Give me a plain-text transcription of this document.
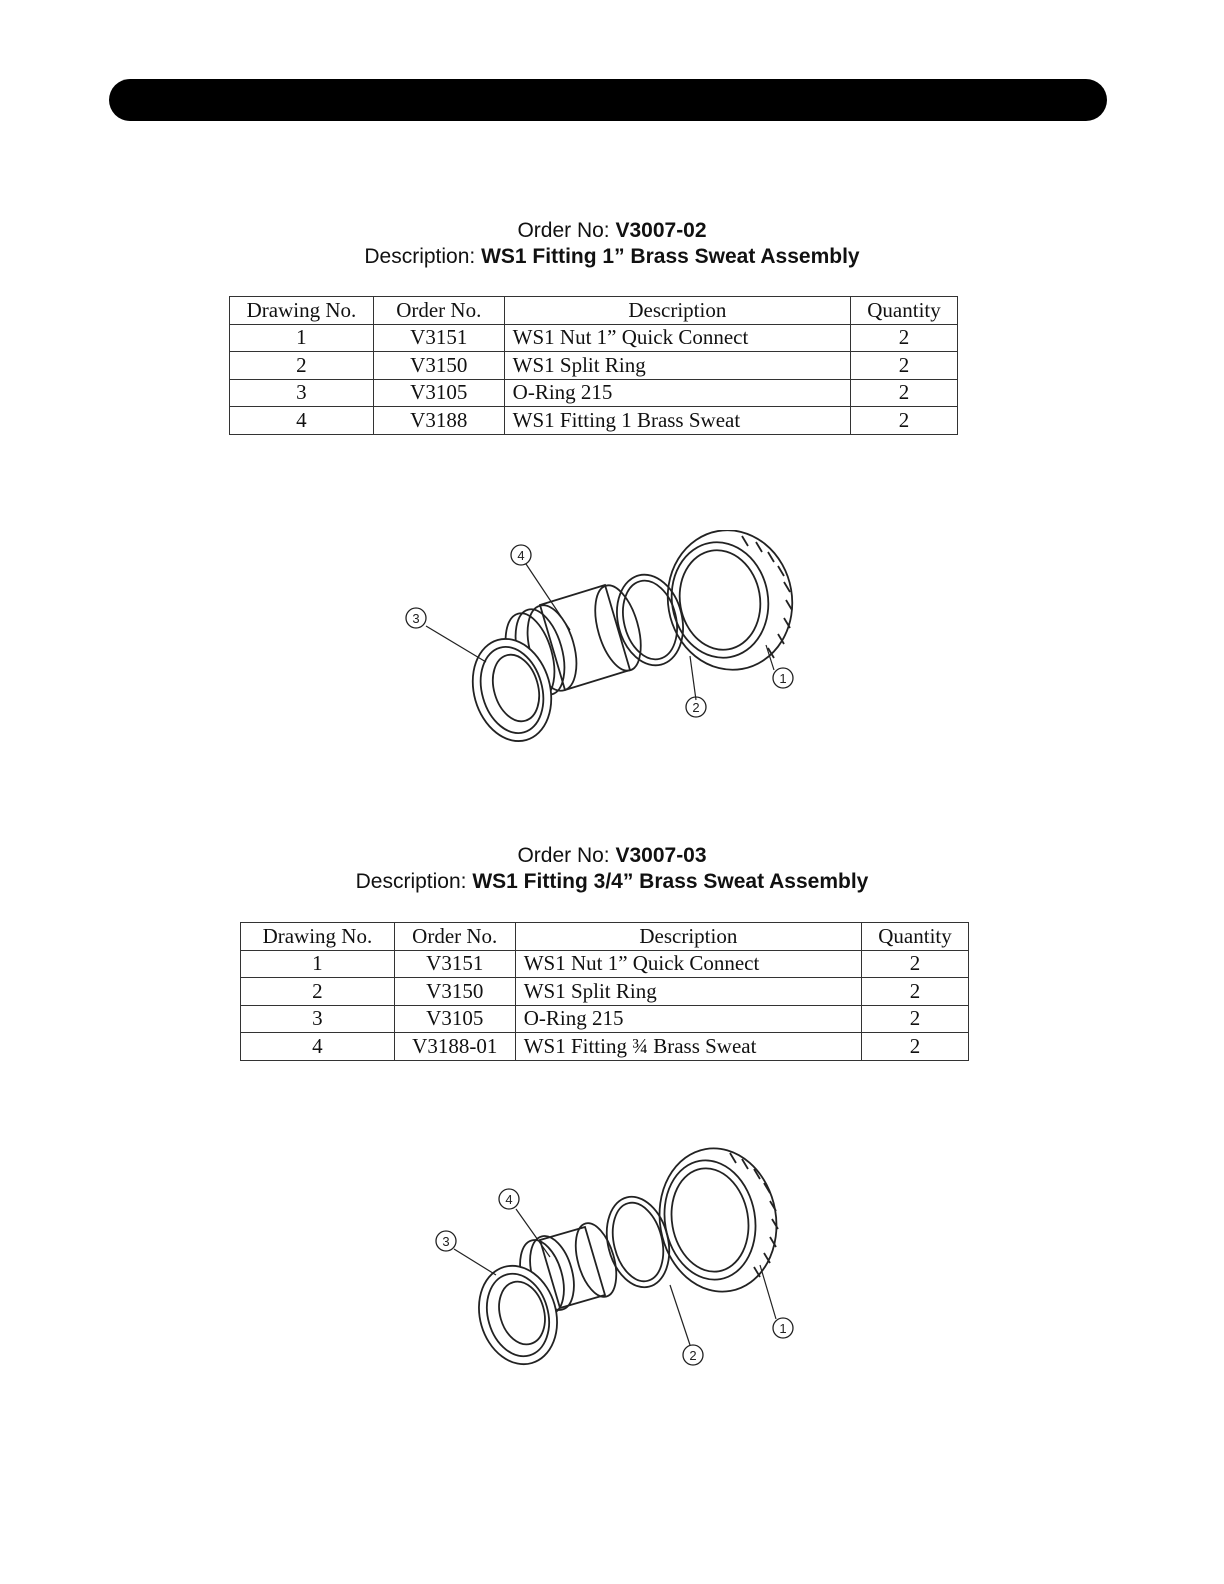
Order No: V3007-02
Description: WS1 Fitting 1” Brass Sweat Assembly
Drawing No.	Order No.	Description	Quantity
1	V3151	WS1 Nut 1” Quick Connect	2
2	V3150	WS1 Split Ring	2
3	V3105	O-Ring 215	2
4	V3188	WS1 Fitting 1 Brass Sweat	2
4
3
1
2
Order No: V3007-03
Description: WS1 Fitting 3/4” Brass Sweat Assembly
Drawing No.	Order No.	Description	Quantity
1	V3151	WS1 Nut 1” Quick Connect	2
2	V3150	WS1 Split Ring	2
3	V3105	O-Ring 215	2
4	V3188-01	WS1 Fitting ¾ Brass Sweat	2
4
3
1
2
